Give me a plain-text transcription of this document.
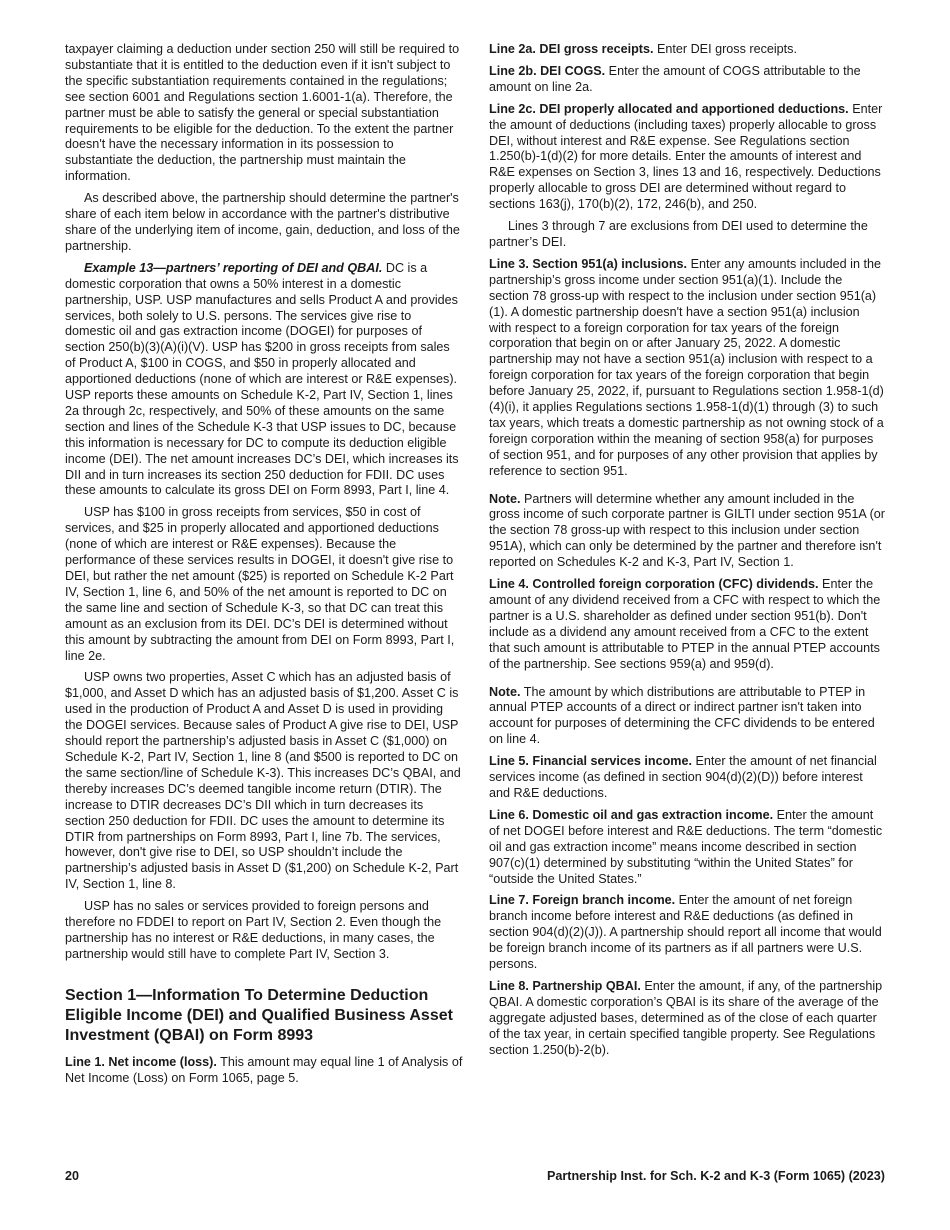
taxpayer claiming a deduction under section 250 will still be required to substantiate that it is entitled to the deduction even if it isn't subject to the specific substantiation requirements contained in the regulations; see section 6001 and Regulations section 1.6001-1(a). Therefore, the partner must be able to satisfy the general or special substantiation requirements to be eligible for the deduction. To the extent the partner doesn't have the necessary information in its possession to substantiate the deduction, the partnership must maintain the information.

As described above, the partnership should determine the partner's share of each item below in accordance with the partner's distributive share of the underlying item of income, gain, deduction, and loss of the partnership.

Example 13—partners’ reporting of DEI and QBAI. DC is a domestic corporation that owns a 50% interest in a domestic partnership, USP. USP manufactures and sells Product A and provides services, both solely to U.S. persons. The services give rise to domestic oil and gas extraction income (DOGEI) for purposes of section 250(b)(3)(A)(i)(V). USP has $200 in gross receipts from sales of Product A, $100 in COGS, and $50 in properly allocated and apportioned deductions (none of which are interest or R&E expenses). USP reports these amounts on Schedule K-2, Part IV, Section 1, lines 2a through 2c, respectively, and 50% of these amounts on the same section and lines of the Schedule K-3 that USP issues to DC, because this information is necessary for DC to compute its deduction eligible income (DEI). The net amount increases DC’s DEI, which increases its DII and in turn increases its section 250 deduction for FDII. DC uses these amounts to calculate its gross DEI on Form 8993, Part I, line 4.

USP has $100 in gross receipts from services, $50 in cost of services, and $25 in properly allocated and apportioned deductions (none of which are interest or R&E expenses). Because the performance of these services results in DOGEI, it doesn't give rise to DEI, but rather the net amount ($25) is reported on Schedule K-2 Part IV, Section 1, line 6, and 50% of the net amount is reported to DC on the same line and section of Schedule K-3, so that DC can treat this amount as an exclusion from its DEI. DC’s DEI is determined without this amount by subtracting the amount from DEI on Form 8993, Part I, line 2e.

USP owns two properties, Asset C which has an adjusted basis of $1,000, and Asset D which has an adjusted basis of $1,200. Asset C is used in the production of Product A and Asset D is used in providing the DOGEI services. Because sales of Product A give rise to DEI, USP should report the partnership’s adjusted basis in Asset C ($1,000) on Schedule K-2, Part IV, Section 1, line 8 (and $500 is reported to DC on the same section/line of Schedule K-3). This increases DC’s QBAI, and thereby increases DC’s deemed tangible income return (DTIR). The increase to DTIR decreases DC’s DII which in turn decreases its section 250 deduction for FDII. DC uses the amount to determine its DTIR from partnerships on Form 8993, Part I, line 7b. The services, however, don't give rise to DEI, so USP shouldn’t include the partnership’s adjusted basis in Asset D ($1,200) on Schedule K-2, Part IV, Section 1, line 8.

USP has no sales or services provided to foreign persons and therefore no FDDEI to report on Part IV, Section 2. Even though the partnership has no interest or R&E deductions, in many cases, the partnership would still have to complete Part IV, Section 3.

Section 1—Information To Determine Deduction Eligible Income (DEI) and Qualified Business Asset Investment (QBAI) on Form 8993

Line 1. Net income (loss). This amount may equal line 1 of Analysis of Net Income (Loss) on Form 1065, page 5.

Line 2a. DEI gross receipts. Enter DEI gross receipts.

Line 2b. DEI COGS. Enter the amount of COGS attributable to the amount on line 2a.

Line 2c. DEI properly allocated and apportioned deductions. Enter the amount of deductions (including taxes) properly allocable to gross DEI, without interest and R&E expense. See Regulations section 1.250(b)-1(d)(2) for more details. Enter the amounts of interest and R&E expenses on Section 3, lines 13 and 16, respectively. Deductions properly allocable to gross DEI are determined without regard to sections 163(j), 170(b)(2), 172, 246(b), and 250.

Lines 3 through 7 are exclusions from DEI used to determine the partner’s DEI.

Line 3. Section 951(a) inclusions. Enter any amounts included in the partnership’s gross income under section 951(a)(1). Include the section 78 gross-up with respect to the inclusion under section 951(a)(1). A domestic partnership doesn't have a section 951(a) inclusion with respect to a foreign corporation for tax years of the foreign corporation that begin on or after January 25, 2022. A domestic partnership may not have a section 951(a) inclusion with respect to a foreign corporation for tax years of the foreign corporation that begin before January 25, 2022, if, pursuant to Regulations section 1.958-1(d)(4)(i), it applies Regulations sections 1.958-1(d)(1) through (3) to such tax years, which treats a domestic partnership as not owning stock of a foreign corporation within the meaning of section 958(a) for purposes of section 951, and for purposes of any other provision that applies by reference to section 951.

Note. Partners will determine whether any amount included in the gross income of such corporate partner is GILTI under section 951A (or the section 78 gross-up with respect to this inclusion under section 951A), which can only be determined by the partner and therefore isn't reported on Schedules K-2 and K-3, Part IV, Section 1.

Line 4. Controlled foreign corporation (CFC) dividends. Enter the amount of any dividend received from a CFC with respect to which the partner is a U.S. shareholder as defined under section 951(b). Don't include as a dividend any amount received from a CFC to the extent that such amount is attributable to PTEP in the annual PTEP accounts of the partnership. See sections 959(a) and 959(d).

Note. The amount by which distributions are attributable to PTEP in annual PTEP accounts of a direct or indirect partner isn't taken into account for purposes of determining the CFC dividends to be entered on line 4.

Line 5. Financial services income. Enter the amount of net financial services income (as defined in section 904(d)(2)(D)) before interest and R&E deductions.

Line 6. Domestic oil and gas extraction income. Enter the amount of net DOGEI before interest and R&E deductions. The term “domestic oil and gas extraction income” means income described in section 907(c)(1) determined by substituting “within the United States” for “outside the United States.”

Line 7. Foreign branch income. Enter the amount of net foreign branch income before interest and R&E deductions (as defined in section 904(d)(2)(J)). A partnership should report all income that would be foreign branch income of its partners as if all partners were U.S. persons.

Line 8. Partnership QBAI. Enter the amount, if any, of the partnership QBAI. A domestic corporation’s QBAI is its share of the average of the aggregate adjusted bases, determined as of the close of each quarter of the tax year, in certain specified tangible property. See Regulations section 1.250(b)-2(b).

20	Partnership Inst. for Sch. K-2 and K-3 (Form 1065) (2023)
